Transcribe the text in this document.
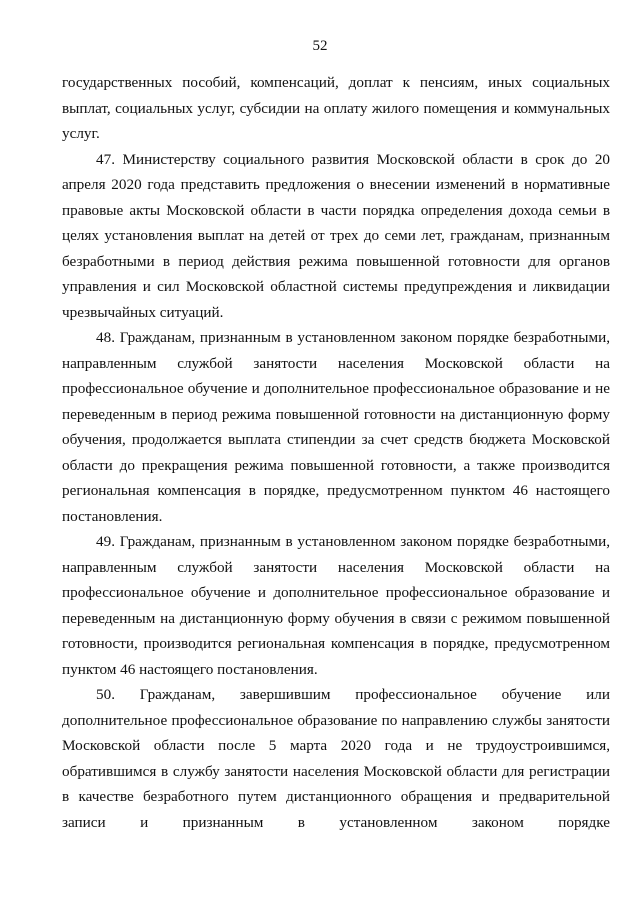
52

государственных пособий, компенсаций, доплат к пенсиям, иных социальных выплат, социальных услуг, субсидии на оплату жилого помещения и коммунальных услуг.

47. Министерству социального развития Московской области в срок до 20 апреля 2020 года представить предложения о внесении изменений в нормативные правовые акты Московской области в части порядка определения дохода семьи в целях установления выплат на детей от трех до семи лет, гражданам, признанным безработными в период действия режима повышенной готовности для органов управления и сил Московской областной системы предупреждения и ликвидации чрезвычайных ситуаций.

48. Гражданам, признанным в установленном законом порядке безработными, направленным службой занятости населения Московской области на профессиональное обучение и дополнительное профессиональное образование и не переведенным в период режима повышенной готовности на дистанционную форму обучения, продолжается выплата стипендии за счет средств бюджета Московской области до прекращения режима повышенной готовности, а также производится региональная компенсация в порядке, предусмотренном пунктом 46 настоящего постановления.

49. Гражданам, признанным в установленном законом порядке безработными, направленным службой занятости населения Московской области на профессиональное обучение и дополнительное профессиональное образование и переведенным на дистанционную форму обучения в связи с режимом повышенной готовности, производится региональная компенсация в порядке, предусмотренном пунктом 46 настоящего постановления.

50. Гражданам, завершившим профессиональное обучение или дополнительное профессиональное образование по направлению службы занятости Московской области после 5 марта 2020 года и не трудоустроившимся, обратившимся в службу занятости населения Московской области для регистрации в качестве безработного путем дистанционного обращения и предварительной записи и признанным в установленном законом порядке
